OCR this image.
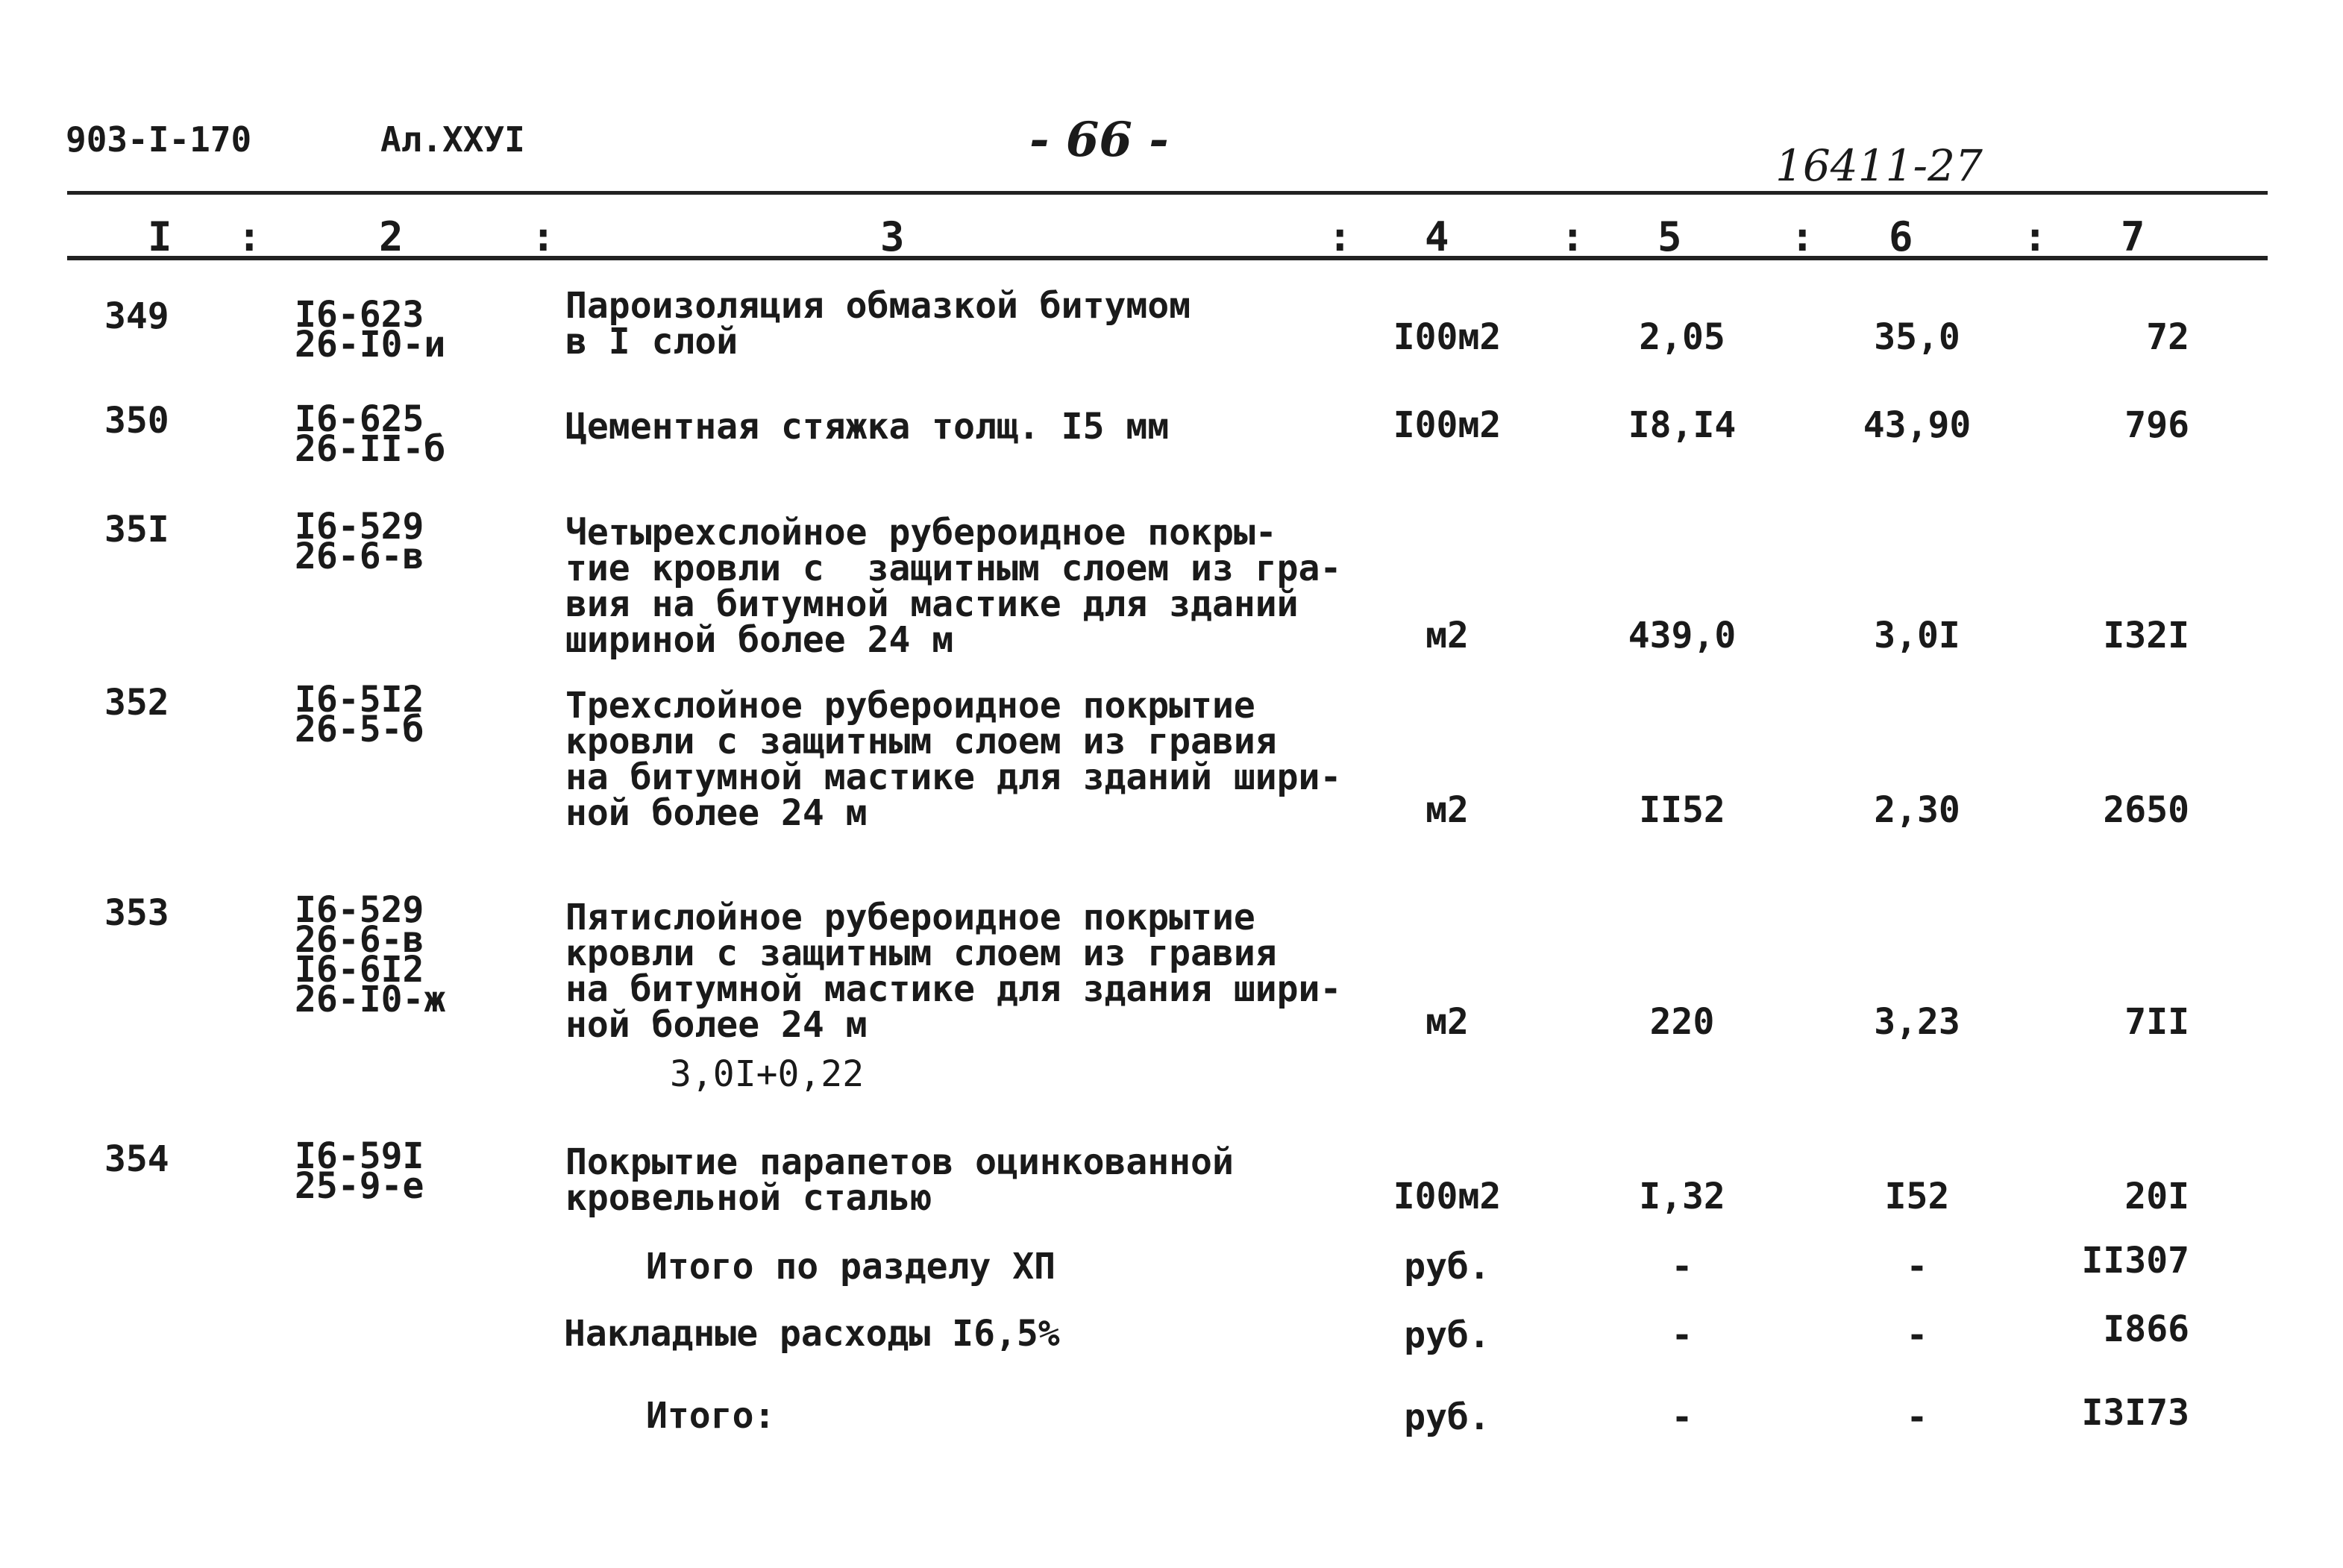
903-I-170	Ал.XXУI	- 66 -	16411-27
I	2	3	4	5	6	7
:	:	:	:	:	:
349	I6-623
26-I0-и
Пароизоляция обмазкой битумом
в I слой	I00м2	2,05	35,0	72
350	I6-625
26-II-б
Цементная стяжка толщ. I5 мм	I00м2	I8,I4	43,90	796
35I	I6-529
26-6-в
Четырехслойное рубероидное покры-
тие кровли с  защитным слоем из гра-
вия на битумной мастике для зданий
шириной более 24 м	м2	439,0	3,0I	I32I
352	I6-5I2
26-5-б
Трехслойное рубероидное покрытие
кровли с защитным слоем из гравия
на битумной мастике для зданий шири-
ной более 24 м	м2	II52	2,30	2650
353	I6-529
26-6-в
I6-6I2
26-I0-ж
Пятислойное рубероидное покрытие
кровли с защитным слоем из гравия
на битумной мастике для здания шири-
ной более 24 м
3,0I+0,22
м2	220	3,23	7II
354	I6-59I
25-9-е
Покрытие парапетов оцинкованной
кровельной сталью	I00м2	I,32	I52	20I
Итого по разделу XП	руб.	-	-	II307
Накладные расходы I6,5%	руб.	-	-	I866
Итого:	руб.	-	-	I3I73
